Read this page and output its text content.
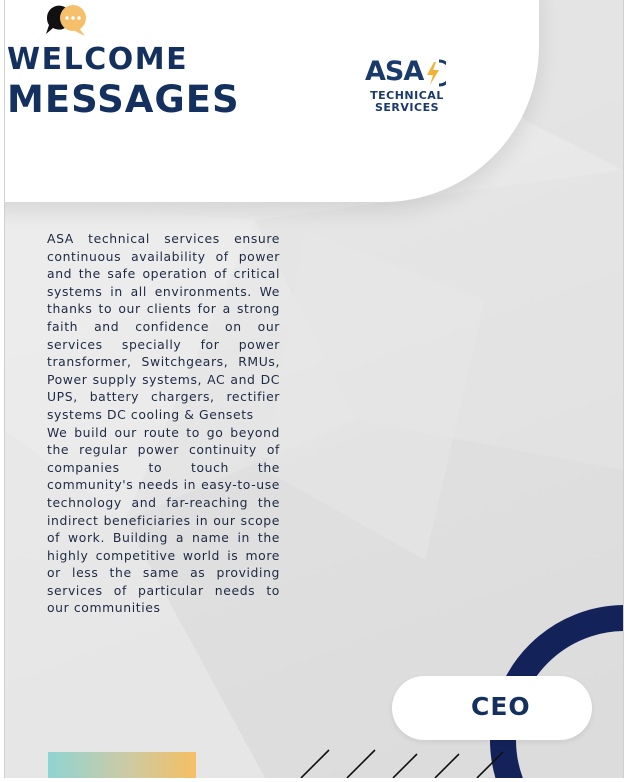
WELCOME
MESSAGES
ASA
TECHNICAL
SERVICES

ASA technical services ensure continuous availability of power and the safe operation of critical systems in all environments. We thanks to our clients for a strong faith and confidence on our services specially for power transformer, Switchgears, RMUs, Power supply systems, AC and DC UPS, battery chargers, rectifier systems DC cooling & Gensets

We build our route to go beyond the regular power continuity of companies to touch the community's needs in easy-to-use technology and far-reaching the indirect beneficiaries in our scope of work. Building a name in the highly competitive world is more or less the same as providing services of particular needs to our communities

CEO
